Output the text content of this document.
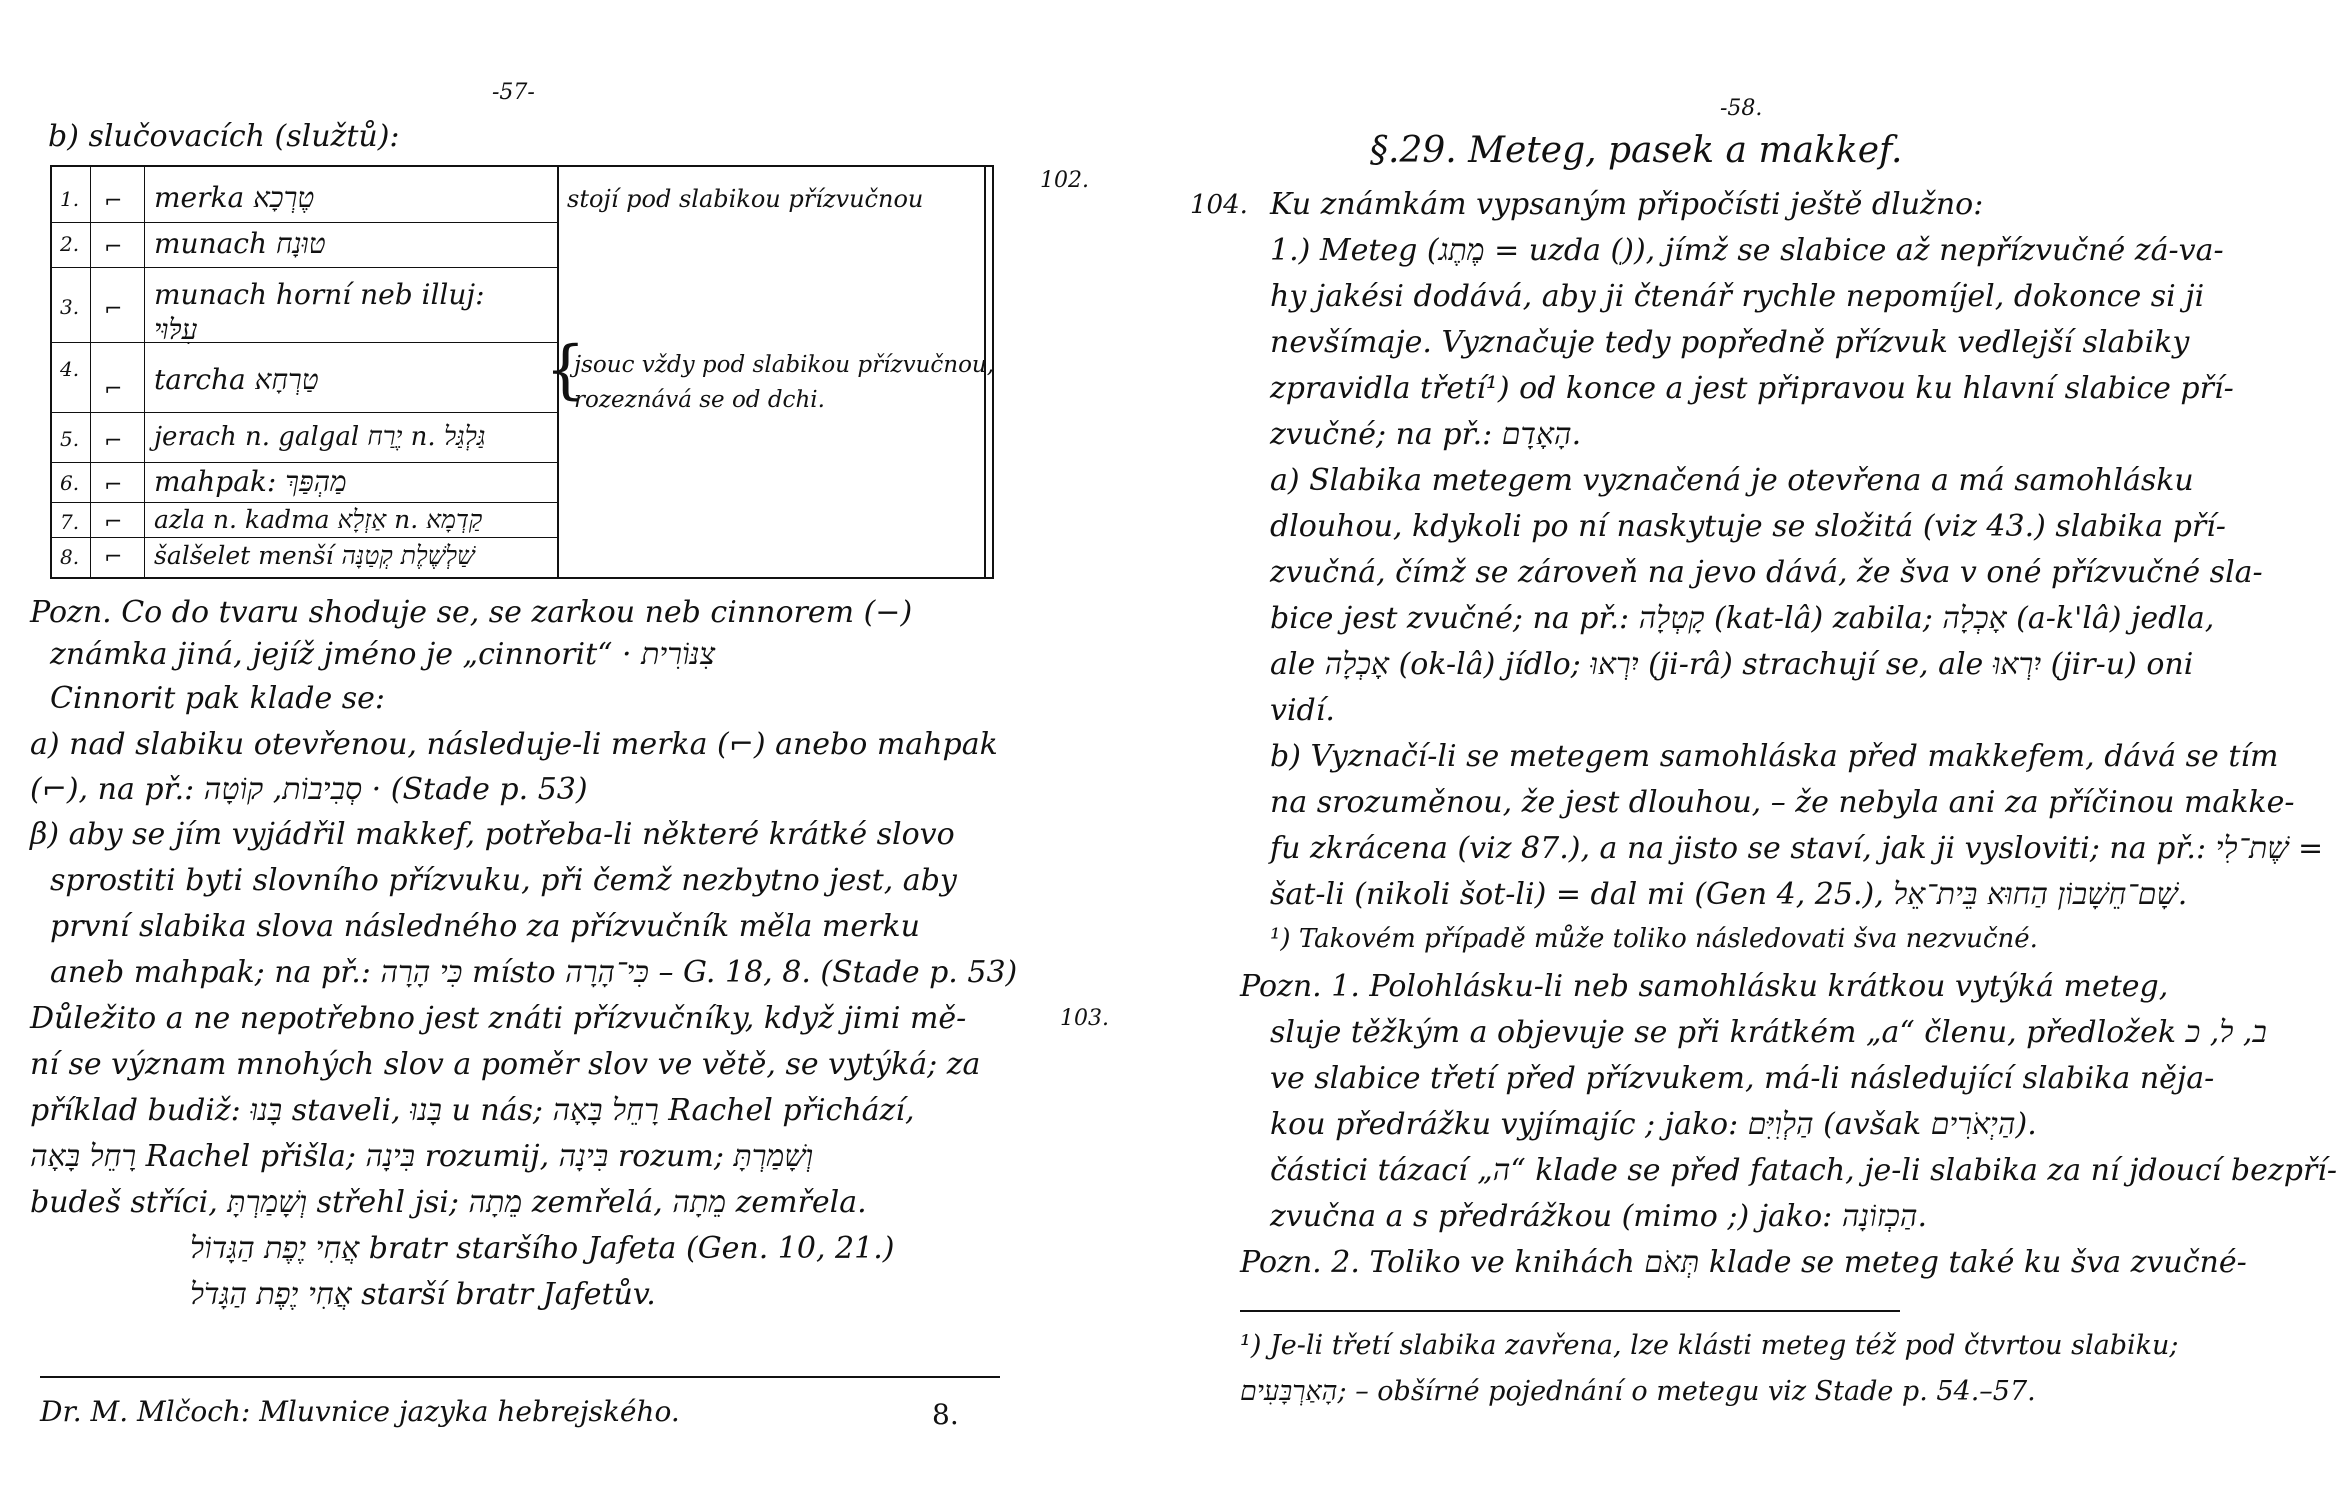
-57-
b) slučovacích (služtů):
102.
1. ⌐ merka טֶרְכָא
2. ⌐ munach טוּנָח
3. ⌐ munach horní neb illuj: עִלּוּי
4.
⌐ tarcha טַרְחָא
5. ⌐ jerach n. galgal יֶרַח n. גַּלְגַּל
6. ⌐ mahpak: מַהְפַּךְ
7. ⌐ azla n. kadma אַזְלָא n. קַדְמָא
8. ⌐ šalšelet menší שַׁלְשֶׁלֶת קְטַנָּה
stojí pod slabikou přízvučnou
{
jsouc vždy pod slabikou přízvučnou,
rozeznává se od dchi.
Pozn. Co do tvaru shoduje se, se zarkou neb cinnorem (−)
známka jiná, jejíž jméno je „cinnorit“ · צִנּוֹרִית
Cinnorit pak klade se:
a) nad slabiku otevřenou, následuje-li merka (⌐) anebo mahpak
(⌐), na př.: סְבִיבוֹת, קוֹטָה · (Stade p. 53)
β) aby se jím vyjádřil makkef, potřeba-li některé krátké slovo
sprostiti byti slovního přízvuku, při čemž nezbytno jest, aby
první slabika slova následného za přízvučník měla merku
aneb mahpak; na př.: כִּי הָרָה místo כִּי־הָרָה – G. 18, 8. (Stade p. 53)
103.
Důležito a ne nepotřebno jest znáti přízvučníky, když jimi mě-
ní se význam mnohých slov a poměr slov ve větě, se vytýká; za
příklad budiž: בָּנוּ staveli, בָּנוּ u nás; רָחֵל בָּאָה Rachel přichází,
רָחֵל בָּאָה Rachel přišla; בִּינָה rozumij, בִּינָה rozum; וְשָׁמַרְתָּ
budeš stříci, וְשָׁמַרְתָּ střehl jsi; מֵתָה zemřelá, מֵתָה zemřela.
אֲחִי יֶפֶת הַגָּדוֹל bratr staršího Jafeta (Gen. 10, 21.)
אֲחִי יֶפֶת הַגָּדֹל starší bratr Jafetův.
Dr. M. Mlčoch: Mluvnice jazyka hebrejského.	8.
-58.
§.29. Meteg, pasek a makkef.
104. Ku známkám vypsaným připočísti ještě dlužno:
1.) Meteg (מֶתֶג = uzda (ֽ)), jímž se slabice až nepřízvučné zá-va-
hy jakési dodává, aby ji čtenář rychle nepomíjel, dokonce si ji
nevšímaje. Vyznačuje tedy popředně přízvuk vedlejší slabiky
zpravidla třetí¹) od konce a jest připravou ku hlavní slabice pří-
zvučné; na př.: הָאָדָם.
a) Slabika metegem vyznačená je otevřena a má samohlásku
dlouhou, kdykoli po ní naskytuje se složitá (viz 43.) slabika pří-
zvučná, čímž se zároveň na jevo dává, že šva v oné přízvučné sla-
bice jest zvučné; na př.: קָטְלָה (kat-lâ) zabila; אָכְלָה (a-k'lâ) jedla,
ale אָכְלָה (ok-lâ) jídlo; יִרְאוּ (ji-râ) strachují se, ale יִרְאוּ (jir-u) oni
vidí.
b) Vyznačí-li se metegem samohláska před makkefem, dává se tím
na srozuměnou, že jest dlouhou, – že nebyla ani za příčinou makke-
fu zkrácena (viz 87.), a na jisto se staví, jak ji vysloviti; na př.: שֶׁת־לִי =
šat-li (nikoli šot-li) = dal mi (Gen 4, 25.), שָׁם־חֵשָׁבוֹן הַחוּא בֵּית־אֵל.
¹) Takovém případě může toliko následovati šva nezvučné.
Pozn. 1. Polohlásku-li neb samohlásku krátkou vytýká meteg,
sluje těžkým a objevuje se při krátkém „a“ členu, předložek ב, ל, כ
ve slabice třetí před přízvukem, má-li následující slabika něja-
kou předrážku vyjímajíc ; jako: הַלְוִיִּם (avšak הַיְאֹרִים).
částici tázací „ה“ klade se před fatach, je-li slabika za ní jdoucí bezpří-
zvučna a s předrážkou (mimo ;) jako: הַכְזוֹנָה.
Pozn. 2. Toliko ve knihách תְּאֹם klade se meteg také ku šva zvučné-
¹) Je-li třetí slabika zavřena, lze klásti meteg též pod čtvrtou slabiku;
הָאַרְבָּעִים; – obšírné pojednání o metegu viz Stade p. 54.–57.
